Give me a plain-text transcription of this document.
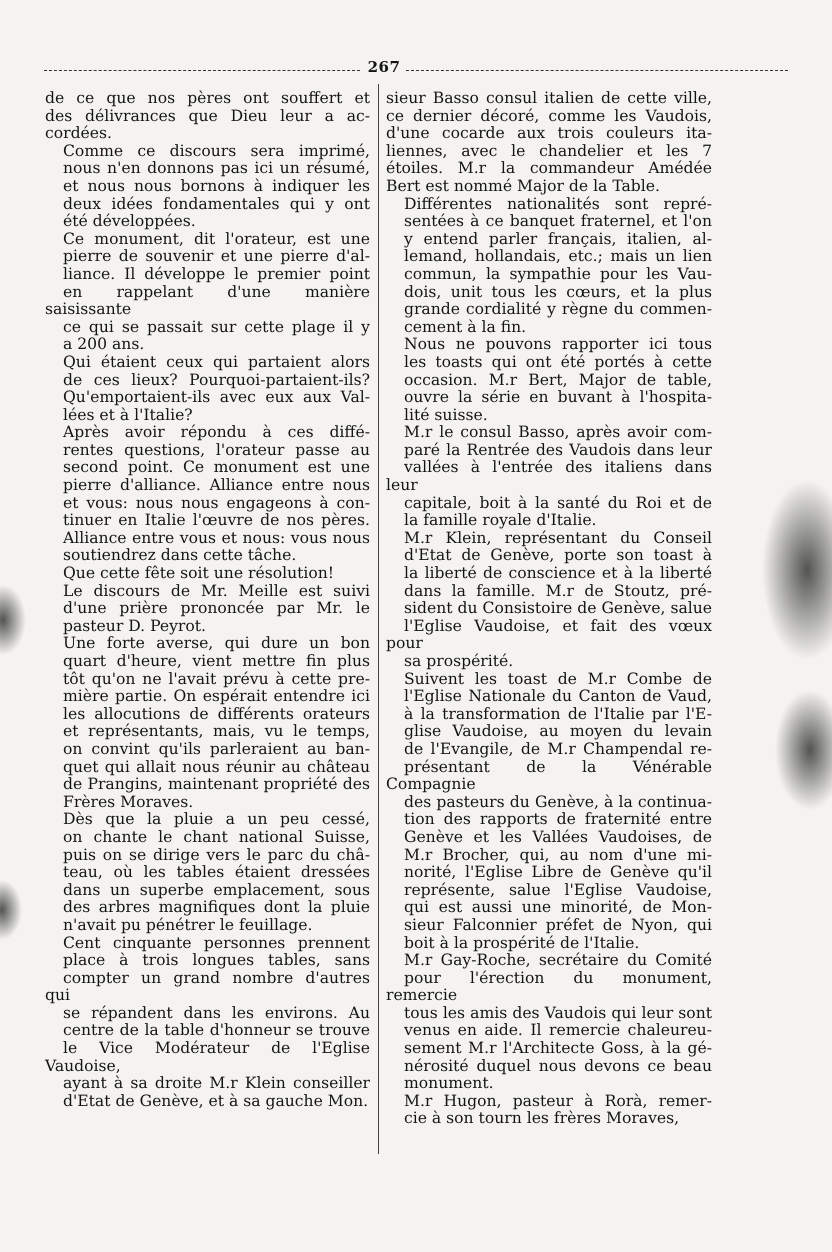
267

de ce que nos pères ont souffert et
des délivrances que Dieu leur a ac-
cordées.

Comme ce discours sera imprimé,
nous n'en donnons pas ici un résumé,
et nous nous bornons à indiquer les
deux idées fondamentales qui y ont
été développées.

Ce monument, dit l'orateur, est une
pierre de souvenir et une pierre d'al-
liance. Il développe le premier point
en rappelant d'une manière saisissante
ce qui se passait sur cette plage il y
a 200 ans.

Qui étaient ceux qui partaient alors
de ces lieux? Pourquoi-partaient-ils?
Qu'emportaient-ils avec eux aux Val-
lées et à l'Italie?

Après avoir répondu à ces diffé-
rentes questions, l'orateur passe au
second point. Ce monument est une
pierre d'alliance. Alliance entre nous
et vous: nous nous engageons à con-
tinuer en Italie l'œuvre de nos pères.
Alliance entre vous et nous: vous nous
soutiendrez dans cette tâche.

Que cette fête soit une résolution!

Le discours de Mr. Meille est suivi
d'une prière prononcée par Mr. le
pasteur D. Peyrot.

Une forte averse, qui dure un bon
quart d'heure, vient mettre fin plus
tôt qu'on ne l'avait prévu à cette pre-
mière partie. On espérait entendre ici
les allocutions de différents orateurs
et représentants, mais, vu le temps,
on convint qu'ils parleraient au ban-
quet qui allait nous réunir au château
de Prangins, maintenant propriété des
Frères Moraves.

Dès que la pluie a un peu cessé,
on chante le chant national Suisse,
puis on se dirige vers le parc du châ-
teau, où les tables étaient dressées
dans un superbe emplacement, sous
des arbres magnifiques dont la pluie
n'avait pu pénétrer le feuillage.

Cent cinquante personnes prennent
place à trois longues tables, sans
compter un grand nombre d'autres qui
se répandent dans les environs. Au
centre de la table d'honneur se trouve
le Vice Modérateur de l'Eglise Vaudoise,
ayant à sa droite M.r Klein conseiller
d'Etat de Genève, et à sa gauche Mon.

sieur Basso consul italien de cette ville,
ce dernier décoré, comme les Vaudois,
d'une cocarde aux trois couleurs ita-
liennes, avec le chandelier et les 7
étoiles. M.r la commandeur Amédée
Bert est nommé Major de la Table.

Différentes nationalités sont repré-
sentées à ce banquet fraternel, et l'on
y entend parler français, italien, al-
lemand, hollandais, etc.; mais un lien
commun, la sympathie pour les Vau-
dois, unit tous les cœurs, et la plus
grande cordialité y règne du commen-
cement à la fin.

Nous ne pouvons rapporter ici tous
les toasts qui ont été portés à cette
occasion. M.r Bert, Major de table,
ouvre la série en buvant à l'hospita-
lité suisse.

M.r le consul Basso, après avoir com-
paré la Rentrée des Vaudois dans leur
vallées à l'entrée des italiens dans leur
capitale, boit à la santé du Roi et de
la famille royale d'Italie.

M.r Klein, représentant du Conseil
d'Etat de Genève, porte son toast à
la liberté de conscience et à la liberté
dans la famille. M.r de Stoutz, pré-
sident du Consistoire de Genève, salue
l'Eglise Vaudoise, et fait des vœux pour
sa prospérité.

Suivent les toast de M.r Combe de
l'Eglise Nationale du Canton de Vaud,
à la transformation de l'Italie par l'E-
glise Vaudoise, au moyen du levain
de l'Evangile, de M.r Champendal re-
présentant de la Vénérable Compagnie
des pasteurs du Genève, à la continua-
tion des rapports de fraternité entre
Genève et les Vallées Vaudoises, de
M.r Brocher, qui, au nom d'une mi-
norité, l'Eglise Libre de Genève qu'il
représente, salue l'Eglise Vaudoise,
qui est aussi une minorité, de Mon-
sieur Falconnier préfet de Nyon, qui
boit à la prospérité de l'Italie.

M.r Gay-Roche, secrétaire du Comité
pour l'érection du monument, remercie
tous les amis des Vaudois qui leur sont
venus en aide. Il remercie chaleureu-
sement M.r l'Architecte Goss, à la gé-
nérosité duquel nous devons ce beau
monument.

M.r Hugon, pasteur à Rorà, remer-
cie à son tourn les frères Moraves,
